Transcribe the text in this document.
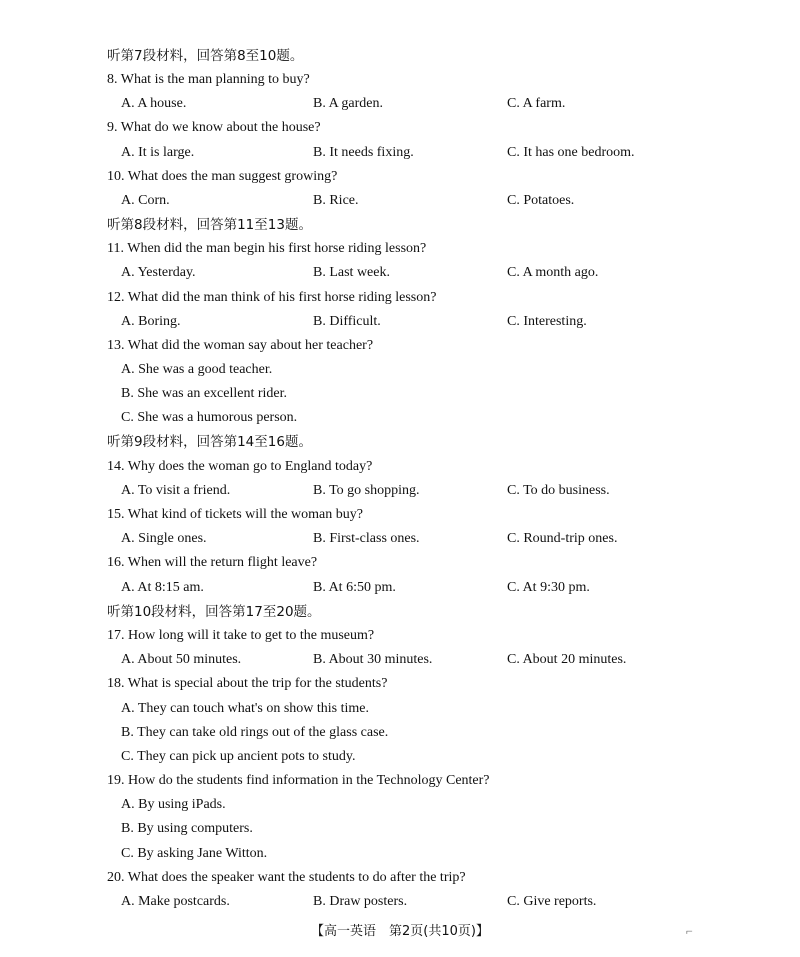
听第7段材料，回答第8至10题。
8. What is the man planning to buy?
A. A house.	B. A garden.	C. A farm.
9. What do we know about the house?
A. It is large.	B. It needs fixing.	C. It has one bedroom.
10. What does the man suggest growing?
A. Corn.	B. Rice.	C. Potatoes.
听第8段材料，回答第11至13题。
11. When did the man begin his first horse riding lesson?
A. Yesterday.	B. Last week.	C. A month ago.
12. What did the man think of his first horse riding lesson?
A. Boring.	B. Difficult.	C. Interesting.
13. What did the woman say about her teacher?
A. She was a good teacher.
B. She was an excellent rider.
C. She was a humorous person.
听第9段材料，回答第14至16题。
14. Why does the woman go to England today?
A. To visit a friend.	B. To go shopping.	C. To do business.
15. What kind of tickets will the woman buy?
A. Single ones.	B. First-class ones.	C. Round-trip ones.
16. When will the return flight leave?
A. At 8:15 am.	B. At 6:50 pm.	C. At 9:30 pm.
听第10段材料，回答第17至20题。
17. How long will it take to get to the museum?
A. About 50 minutes.	B. About 30 minutes.	C. About 20 minutes.
18. What is special about the trip for the students?
A. They can touch what's on show this time.
B. They can take old rings out of the glass case.
C. They can pick up ancient pots to study.
19. How do the students find information in the Technology Center?
A. By using iPads.
B. By using computers.
C. By asking Jane Witton.
20. What does the speaker want the students to do after the trip?
A. Make postcards.	B. Draw posters.	C. Give reports.
【高一英语　第2页(共10页)】	⌐
